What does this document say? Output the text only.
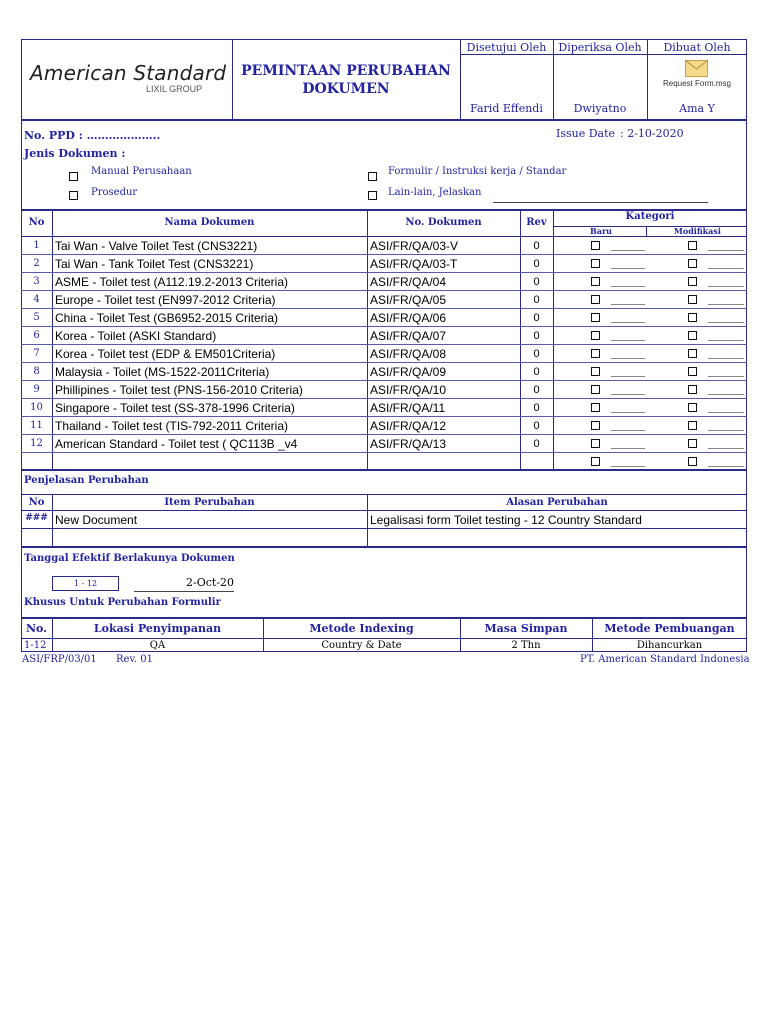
American Standard
LIXIL GROUP
PEMINTAAN PERUBAHAN
DOKUMEN
Disetujui Oleh	Diperiksa Oleh	Dibuat Oleh
Farid Effendi	Dwiyatno	Ama Y
Request Form.msg
No. PPD : ………………..	Issue Date : 2-10-2020
Jenis Dokumen :
Manual Perusahaan	Formulir / Instruksi kerja / Standar
Prosedur	Lain-lain, Jelaskan
No	Nama Dokumen	No. Dokumen	Rev
Kategori
Baru	Modifikasi
1	Tai Wan - Valve Toilet Test (CNS3221)	ASI/FR/QA/03-V	0
2	Tai Wan - Tank Toilet Test (CNS3221)	ASI/FR/QA/03-T	0
3	ASME - Toilet test (A112.19.2-2013 Criteria)	ASI/FR/QA/04	0
4	Europe - Toilet test (EN997-2012 Criteria)	ASI/FR/QA/05	0
5	China - Toilet Test (GB6952-2015 Criteria)	ASI/FR/QA/06	0
6	Korea - Toilet (ASKI Standard)	ASI/FR/QA/07	0
7	Korea - Toilet test (EDP & EM501Criteria)	ASI/FR/QA/08	0
8	Malaysia - Toilet (MS-1522-2011Criteria)	ASI/FR/QA/09	0
9	Phillipines - Toilet test (PNS-156-2010 Criteria)	ASI/FR/QA/10	0
10	Singapore - Toilet test (SS-378-1996 Criteria)	ASI/FR/QA/11	0
11	Thailand - Toilet test (TIS-792-2011 Criteria)	ASI/FR/QA/12	0
12	American Standard - Toilet test ( QC113B _v4	ASI/FR/QA/13	0
Penjelasan Perubahan
No	Item Perubahan	Alasan Perubahan
### New Document	Legalisasi form Toilet testing - 12 Country Standard
Tanggal Efektif Berlakunya Dokumen
1 - 12	2-Oct-20
Khusus Untuk Perubahan Formulir
No.	Lokasi Penyimpanan	Metode Indexing	Masa Simpan	Metode Pembuangan
1-12	QA	Country & Date	2 Thn	Dihancurkan
ASI/FRP/03/01 Rev. 01	PT. American Standard Indonesia
